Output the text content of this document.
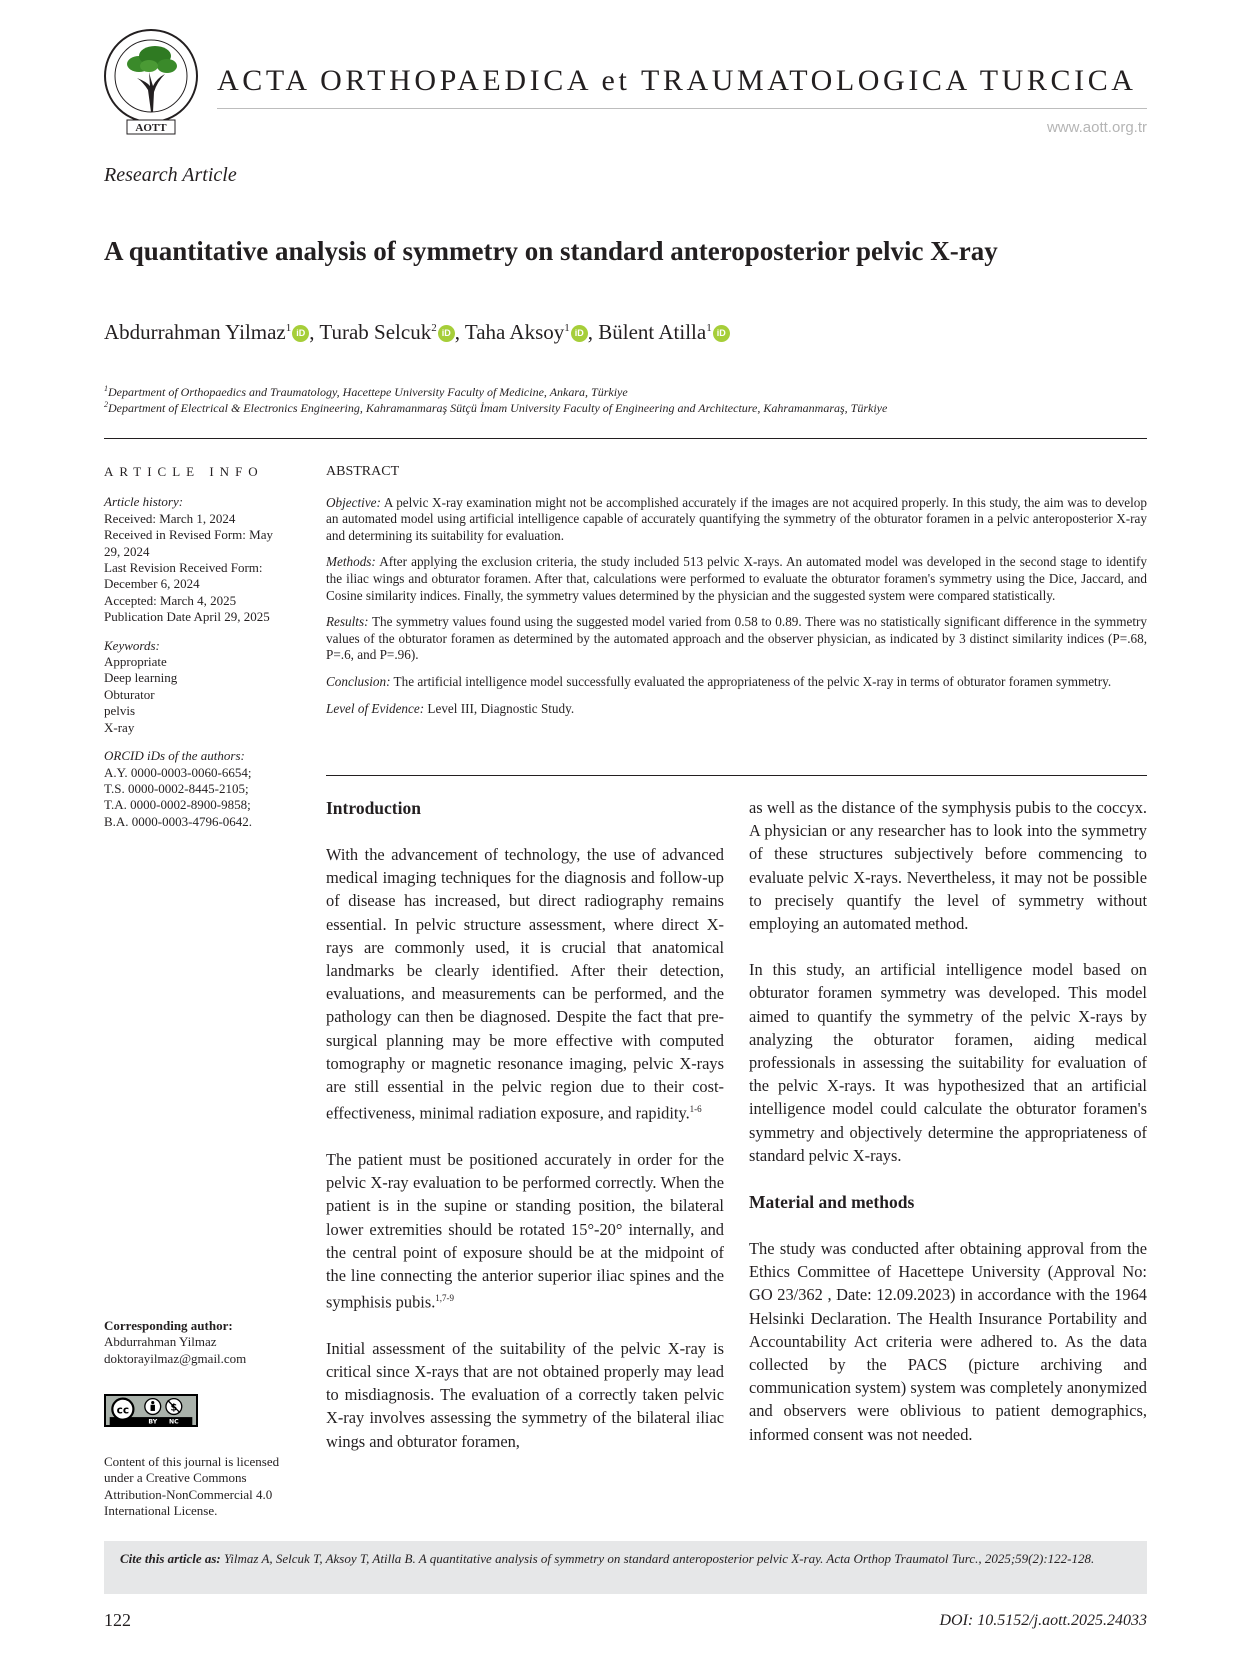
AOTT
ACTA ORTHOPAEDICA et TRAUMATOLOGICA TURCICA
www.aott.org.tr
Research Article
A quantitative analysis of symmetry on standard anteroposterior pelvic X-ray
Abdurrahman Yilmaz$^1$ iD , Turab Selcuk$^2$ iD , Taha Aksoy$^1$ iD , Bülent Atilla$^1$ iD
$^1$Department of Orthopaedics and Traumatology, Hacettepe University Faculty of Medicine, Ankara, Türkiye
$^2$Department of Electrical & Electronics Engineering, Kahramanmaraş Sütçü İmam University Faculty of Engineering and Architecture, Kahramanmaraş, Türkiye
ARTICLE INFO
Article history:
Received: March 1, 2024
Received in Revised Form: May
29, 2024
Last Revision Received Form:
December 6, 2024
Accepted: March 4, 2025
Publication Date April 29, 2025
Keywords:
Appropriate
Deep learning
Obturator
pelvis
X-ray
ORCID iDs of the authors:
A.Y. 0000-0003-0060-6654;
T.S. 0000-0002-8445-2105;
T.A. 0000-0002-8900-9858;
B.A. 0000-0003-4796-0642.
Corresponding author:
Abdurrahman Yilmaz
doktorayilmaz@gmail.com
cc	$
BY NC
Content of this journal is licensed under a Creative Commons Attribution-NonCommercial 4.0 International License.
ABSTRACT

Objective: A pelvic X-ray examination might not be accomplished accurately if the images are not acquired properly. In this study, the aim was to develop an automated model using artificial intelligence capable of accurately quantifying the symmetry of the obturator foramen in a pelvic anteroposterior X-ray and determining its suitability for evaluation.

Methods: After applying the exclusion criteria, the study included 513 pelvic X-rays. An automated model was developed in the second stage to identify the iliac wings and obturator foramen. After that, calculations were performed to evaluate the obturator foramen's symmetry using the Dice, Jaccard, and Cosine similarity indices. Finally, the symmetry values determined by the physician and the suggested system were compared statistically.

Results: The symmetry values found using the suggested model varied from 0.58 to 0.89. There was no statistically significant difference in the symmetry values of the obturator foramen as determined by the automated approach and the observer physician, as indicated by 3 distinct similarity indices (P=.68, P=.6, and P=.96).

Conclusion: The artificial intelligence model successfully evaluated the appropriateness of the pelvic X-ray in terms of obturator foramen symmetry.

Level of Evidence: Level III, Diagnostic Study.

Introduction

With the advancement of technology, the use of advanced medical imaging techniques for the diagnosis and follow-up of disease has increased, but direct radiography remains essential. In pelvic structure assessment, where direct X-rays are commonly used, it is crucial that anatomical landmarks be clearly identified. After their detection, evaluations, and measurements can be performed, and the pathology can then be diagnosed. Despite the fact that pre-surgical planning may be more effective with computed tomography or magnetic resonance imaging, pelvic X-rays are still essential in the pelvic region due to their cost-effectiveness, minimal radiation exposure, and rapidity.$^{1-6}$

The patient must be positioned accurately in order for the pelvic X-ray evaluation to be performed correctly. When the patient is in the supine or standing position, the bilateral lower extremities should be rotated 15°-20° internally, and the central point of exposure should be at the midpoint of the line connecting the anterior superior iliac spines and the symphisis pubis.$^{1,7-9}$

Initial assessment of the suitability of the pelvic X-ray is critical since X-rays that are not obtained properly may lead to misdiagnosis. The evaluation of a correctly taken pelvic X-ray involves assessing the symmetry of the bilateral iliac wings and obturator foramen,

as well as the distance of the symphysis pubis to the coccyx. A physician or any researcher has to look into the symmetry of these structures subjectively before commencing to evaluate pelvic X-rays. Nevertheless, it may not be possible to precisely quantify the level of symmetry without employing an automated method.

In this study, an artificial intelligence model based on obturator foramen symmetry was developed. This model aimed to quantify the symmetry of the pelvic X-rays by analyzing the obturator foramen, aiding medical professionals in assessing the suitability for evaluation of the pelvic X-rays. It was hypothesized that an artificial intelligence model could calculate the obturator foramen's symmetry and objectively determine the appropriateness of standard pelvic X-rays.

Material and methods

The study was conducted after obtaining approval from the Ethics Committee of Hacettepe University (Approval No: GO 23/362 , Date: 12.09.2023) in accordance with the 1964 Helsinki Declaration. The Health Insurance Portability and Accountability Act criteria were adhered to. As the data collected by the PACS (picture archiving and communication system) system was completely anonymized and observers were oblivious to patient demographics, informed consent was not needed.

Cite this article as: Yilmaz A, Selcuk T, Aksoy T, Atilla B. A quantitative analysis of symmetry on standard anteroposterior pelvic X-ray. Acta Orthop Traumatol Turc., 2025;59(2):122-128.
122	DOI: 10.5152/j.aott.2025.24033
